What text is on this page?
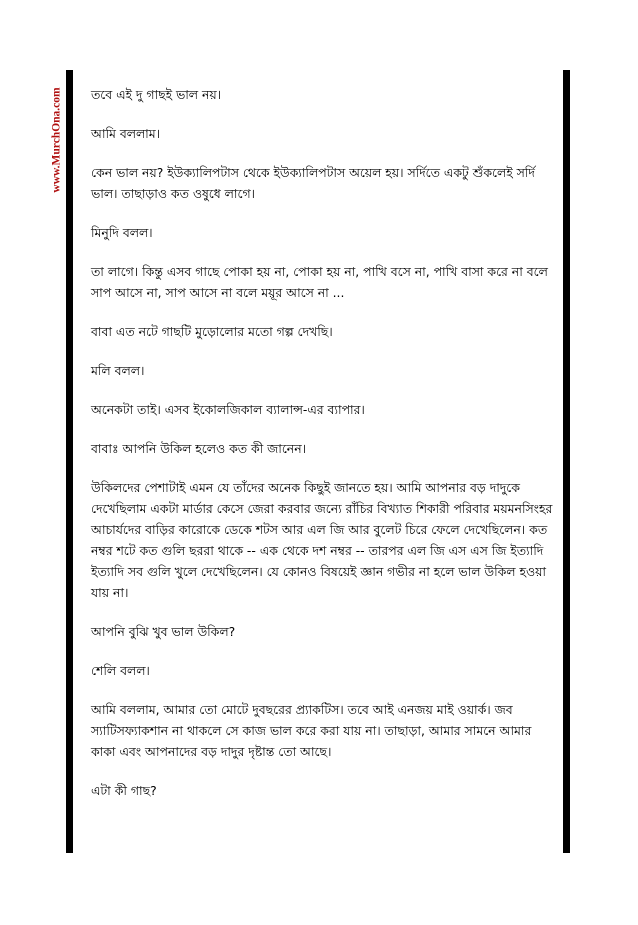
www.MurchOna.com তবে এই দু গাছই ভাল নয়।

আমি বললাম।

কেন ভাল নয়? ইউক্যালিপটাস থেকে ইউক্যালিপটাস অয়েল হয়। সর্দিতে একটু শুঁকলেই সর্দি ভাল। তাছাড়াও কত ওষুধে লাগে।

মিনুদি বলল।

তা লাগে। কিন্তু এসব গাছে পোকা হয় না, পোকা হয় না, পাখি বসে না, পাখি বাসা করে না বলে সাপ আসে না, সাপ আসে না বলে ময়ূর আসে না ...

বাবা এত নটে গাছটি মুড়োলোর মতো গল্প দেখছি।

মলি বলল।

অনেকটা তাই। এসব ইকোলজিকাল ব্যালান্স-এর ব্যাপার।

বাবাঃ আপনি উকিল হলেও কত কী জানেন।

উকিলদের পেশাটাই এমন যে তাঁদের অনেক কিছুই জানতে হয়। আমি আপনার বড় দাদুকে দেখেছিলাম একটা মার্ডার কেসে জেরা করবার জন্যে রাঁচির বিখ্যাত শিকারী পরিবার ময়মনসিংহর আচার্যদের বাড়ির কারোকে ডেকে শটস আর এল জি আর বুলেট চিরে ফেলে দেখেছিলেন। কত নম্বর শটে কত গুলি ছররা থাকে -- এক থেকে দশ নম্বর -- তারপর এল জি এস এস জি ইত্যাদি ইত্যাদি সব গুলি খুলে দেখেছিলেন। যে কোনও বিষয়েই জ্ঞান গভীর না হলে ভাল উকিল হওয়া যায় না।

আপনি বুঝি খুব ভাল উকিল?

শেলি বলল।

আমি বললাম, আমার তো মোটে দুবছরের প্র্যাকটিস। তবে আই এনজয় মাই ওয়ার্ক। জব স্যাটিসফ্যাকশান না থাকলে সে কাজ ভাল করে করা যায় না। তাছাড়া, আমার সামনে আমার কাকা এবং আপনাদের বড় দাদুর দৃষ্টান্ত তো আছে।

এটা কী গাছ?
